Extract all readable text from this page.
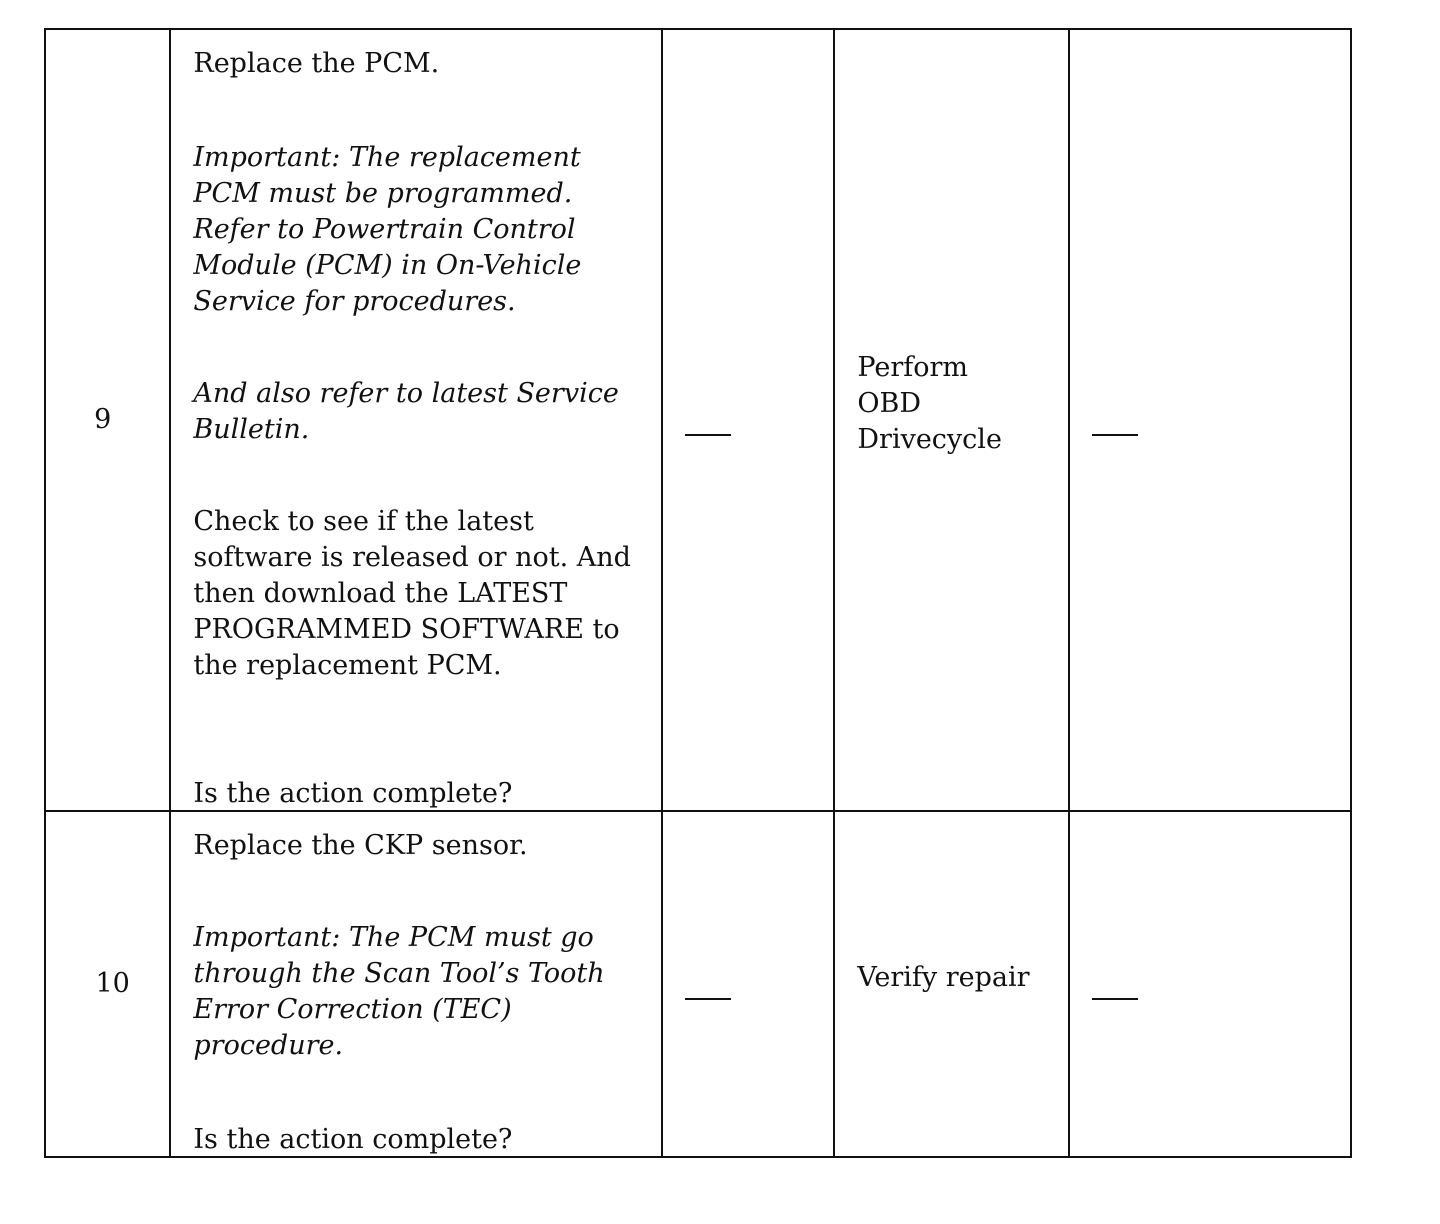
9	Replace the PCM.

Important: The replacement PCM must be programmed. Refer to Powertrain Control Module (PCM) in On-Vehicle Service for procedures.

And also refer to latest Service Bulletin.

Check to see if the latest software is released or not. And then download the LATEST PROGRAMMED SOFTWARE to the replacement PCM.

Is the action complete?		Perform OBD Drivecycle	

10	Replace the CKP sensor.

Important: The PCM must go through the Scan Tool’s Tooth Error Correction (TEC) procedure.

Is the action complete?		Verify repair	
